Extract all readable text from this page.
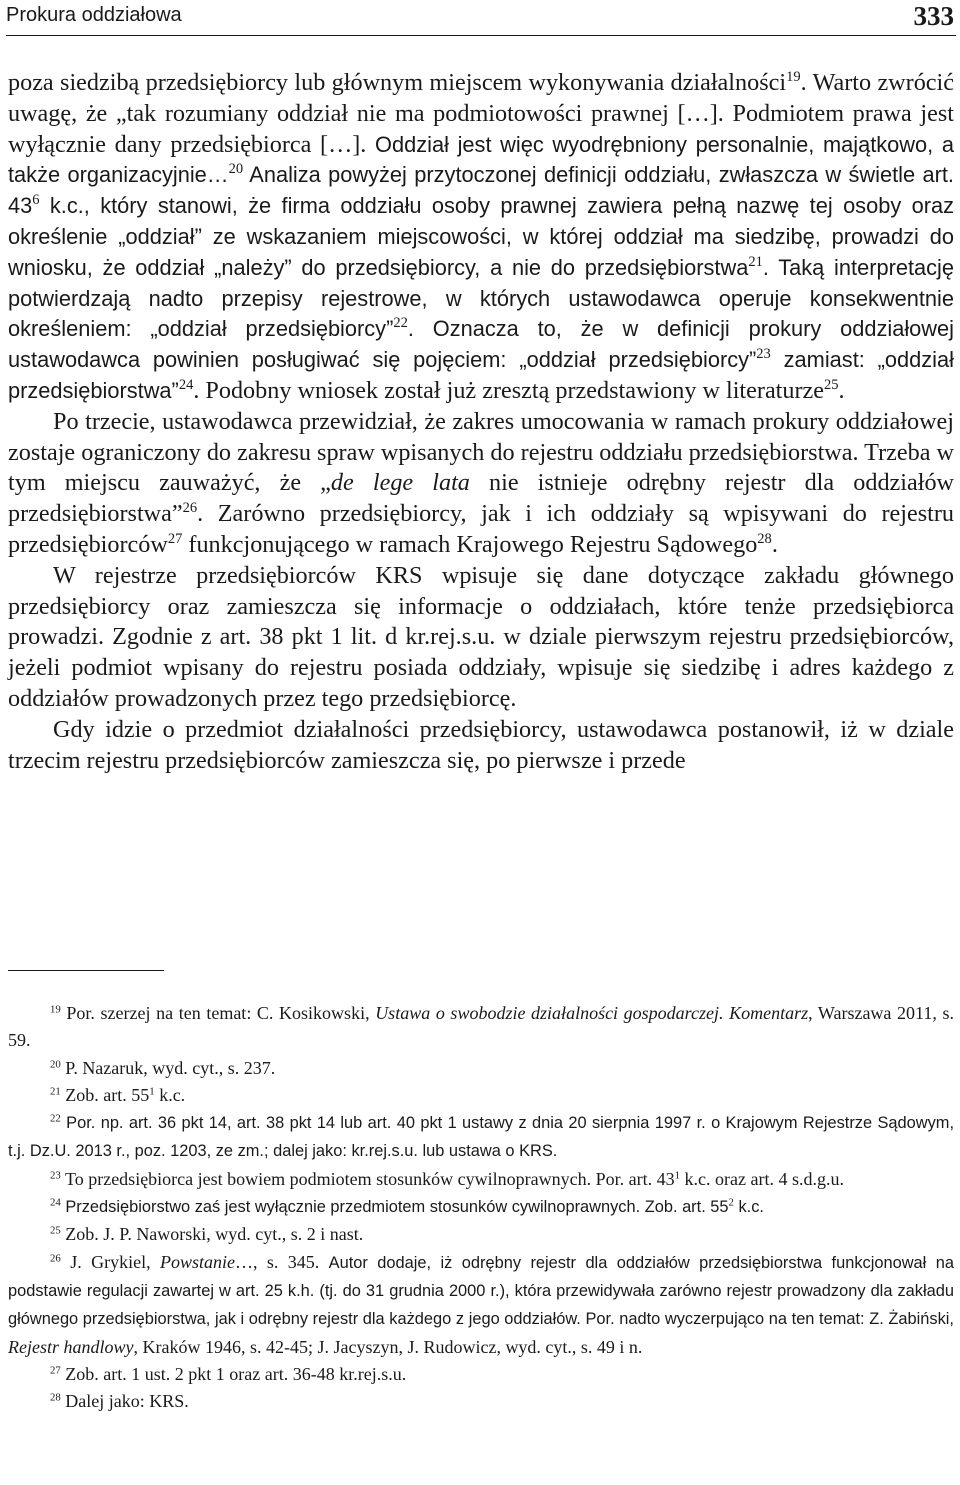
Prokura oddziałowa	333

poza siedzibą przedsiębiorcy lub głównym miejscem wykonywania działalności$^{19}$. Warto zwrócić uwagę, że „tak rozumiany oddział nie ma podmiotowości prawnej […]. Podmiotem prawa jest wyłącznie dany przedsiębiorca […]. Oddział jest więc wyodrębniony personalnie, majątkowo, a także organizacyjnie…$^{20}$ Analiza powyżej przytoczonej definicji oddziału, zwłaszcza w świetle art. $43^6$ k.c., który stanowi, że firma oddziału osoby prawnej zawiera pełną nazwę tej osoby oraz określenie „oddział” ze wskazaniem miejscowości, w której oddział ma siedzibę, prowadzi do wniosku, że oddział „należy” do przedsiębiorcy, a nie do przedsiębiorstwa$^{21}$. Taką interpretację potwierdzają nadto przepisy rejestrowe, w których ustawodawca operuje konsekwentnie określeniem: „oddział przedsiębiorcy”$^{22}$. Oznacza to, że w definicji prokury oddziałowej ustawodawca powinien posługiwać się pojęciem: „oddział przedsiębiorcy”$^{23}$ zamiast: „oddział przedsiębiorstwa”$^{24}$. Podobny wniosek został już zresztą przedstawiony w literaturze$^{25}$.

Po trzecie, ustawodawca przewidział, że zakres umocowania w ramach prokury oddziałowej zostaje ograniczony do zakresu spraw wpisanych do rejestru oddziału przedsiębiorstwa. Trzeba w tym miejscu zauważyć, że „de lege lata nie istnieje odrębny rejestr dla oddziałów przedsiębiorstwa”$^{26}$. Zarówno przedsiębiorcy, jak i ich oddziały są wpisywani do rejestru przedsiębiorców$^{27}$ funkcjonującego w ramach Krajowego Rejestru Sądowego$^{28}$.

W rejestrze przedsiębiorców KRS wpisuje się dane dotyczące zakładu głównego przedsiębiorcy oraz zamieszcza się informacje o oddziałach, które tenże przedsiębiorca prowadzi. Zgodnie z art. 38 pkt 1 lit. d kr.rej.s.u. w dziale pierwszym rejestru przedsiębiorców, jeżeli podmiot wpisany do rejestru posiada oddziały, wpisuje się siedzibę i adres każdego z oddziałów prowadzonych przez tego przedsiębiorcę.

Gdy idzie o przedmiot działalności przedsiębiorcy, ustawodawca postanowił, iż w dziale trzecim rejestru przedsiębiorców zamieszcza się, po pierwsze i przede

$^{19}$ Por. szerzej na ten temat: C. Kosikowski, Ustawa o swobodzie działalności gospodarczej. Komentarz, Warszawa 2011, s. 59.

$^{20}$ P. Nazaruk, wyd. cyt., s. 237.

$^{21}$ Zob. art. $55^1$ k.c.

$^{22}$ Por. np. art. 36 pkt 14, art. 38 pkt 14 lub art. 40 pkt 1 ustawy z dnia 20 sierpnia 1997 r. o Krajowym Rejestrze Sądowym, t.j. Dz.U. 2013 r., poz. 1203, ze zm.; dalej jako: kr.rej.s.u. lub ustawa o KRS.

$^{23}$ To przedsiębiorca jest bowiem podmiotem stosunków cywilnoprawnych. Por. art. $43^1$ k.c. oraz art. 4 s.d.g.u.

$^{24}$ Przedsiębiorstwo zaś jest wyłącznie przedmiotem stosunków cywilnoprawnych. Zob. art. $55^2$ k.c.

$^{25}$ Zob. J. P. Naworski, wyd. cyt., s. 2 i nast.

$^{26}$ J. Grykiel, Powstanie…, s. 345. Autor dodaje, iż odrębny rejestr dla oddziałów przedsiębiorstwa funkcjonował na podstawie regulacji zawartej w art. 25 k.h. (tj. do 31 grudnia 2000 r.), która przewidywała zarówno rejestr prowadzony dla zakładu głównego przedsiębiorstwa, jak i odrębny rejestr dla każdego z jego oddziałów. Por. nadto wyczerpująco na ten temat: Z. Żabiński, Rejestr handlowy, Kraków 1946, s. 42-45; J. Jacyszyn, J. Rudowicz, wyd. cyt., s. 49 i n.

$^{27}$ Zob. art. 1 ust. 2 pkt 1 oraz art. 36-48 kr.rej.s.u.

$^{28}$ Dalej jako: KRS.
